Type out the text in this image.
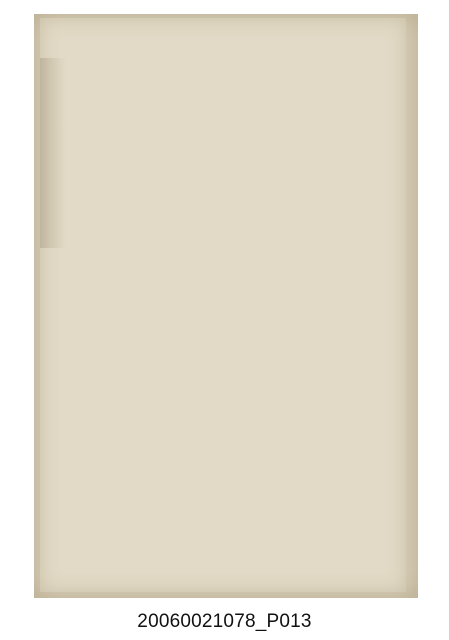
20060021078_P013
